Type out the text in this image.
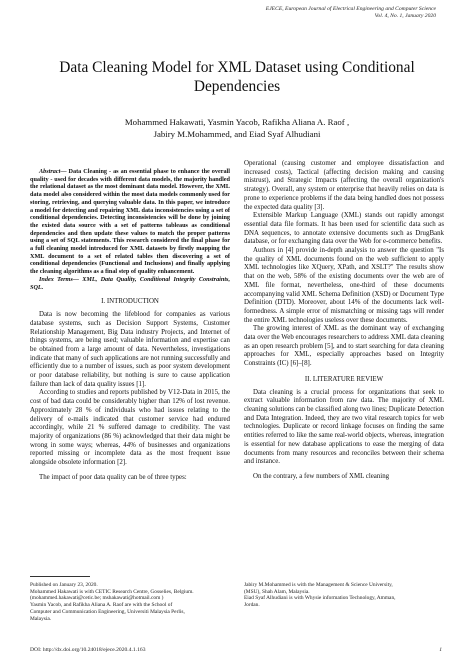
EJECE, European Journal of Electrical Engineering and Computer Science
Vol. 4, No. 1, January 2020
Data Cleaning Model for XML Dataset using Conditional
Dependencies
Mohammed Hakawati, Yasmin Yacob, Rafikha Aliana A. Raof ,
Jabiry M.Mohammed, and Eiad Syaf Alhudiani

Abstract— Data Cleaning - as an essential phase to enhance the overall quality - used for decades with different data models, the majority handled the relational dataset as the most dominant data model. However, the XML data model also considered within the most data models commonly used for storing, retrieving, and querying valuable data. In this paper, we introduce a model for detecting and repairing XML data inconsistencies using a set of conditional dependencies. Detecting inconsistencies will be done by joining the existed data source with a set of patterns tableaus as conditional dependencies and then update these values to match the proper patterns using a set of SQL statements. This research considered the final phase for a full cleaning model introduced for XML datasets by firstly mapping the XML document to a set of related tables then discovering a set of conditional dependencies (Functional and Inclusions) and finally applying the cleaning algorithms as a final step of quality enhancement.

Index Terms— XML, Data Quality, Conditional Integrity Constraints, SQL.

I. INTRODUCTION

Data is now becoming the lifeblood for companies as various database systems, such as Decision Support Systems, Customer Relationship Management, Big Data industry Projects, and Internet of things systems, are being used; valuable information and expertise can be obtained from a large amount of data. Nevertheless, investigations indicate that many of such applications are not running successfully and efficiently due to a number of issues, such as poor system development or poor database reliability, but nothing is sure to cause application failure than lack of data quality issues [1].

According to studies and reports published by V12-Data in 2015, the cost of bad data could be considerably higher than 12% of lost revenue. Approximately 28 % of individuals who had issues relating to the delivery of e-mails indicated that customer service had endured accordingly, while 21 % suffered damage to credibility. The vast majority of organizations (86 %) acknowledged that their data might be wrong in some ways; whereas, 44% of businesses and organizations reported missing or incomplete data as the most frequent issue alongside obsolete information [2].

The impact of poor data quality can be of three types:

Operational (causing customer and employee dissatisfaction and increased costs), Tactical (affecting decision making and causing mistrust), and Strategic Impacts (affecting the overall organization's strategy). Overall, any system or enterprise that heavily relies on data is prone to experience problems if the data being handled does not possess the expected data quality [3].

Extensible Markup Language (XML) stands out rapidly amongst essential data file formats. It has been used for scientific data such as DNA sequences, to annotate extensive documents such as DrugBank database, or for exchanging data over the Web for e-commerce benefits.

Authors in [4] provide in-depth analysis to answer the question "Is the quality of XML documents found on the web sufficient to apply XML technologies like XQuery, XPath, and XSLT?" The results show that on the web, 58% of the existing documents over the web are of XML file format, nevertheless, one-third of these documents accompanying valid XML Schema Definition (XSD) or Document Type Definition (DTD). Moreover, about 14% of the documents lack well-formedness. A simple error of mismatching or missing tags will render the entire XML technologies useless over these documents.

The growing interest of XML as the dominant way of exchanging data over the Web encourages researchers to address XML data cleaning as an open research problem [5], and to start searching for data cleaning approaches for XML, especially approaches based on Integrity Constraints (IC) [6]–[8].

II. LITERATURE REVIEW

Data cleaning is a crucial process for organizations that seek to extract valuable information from raw data. The majority of XML cleaning solutions can be classified along two lines; Duplicate Detection and Data Integration. Indeed, they are two vital research topics for web technologies. Duplicate or record linkage focuses on finding the same entities referred to like the same real-world objects, whereas, integration is essential for new database applications to ease the merging of data documents from many resources and reconciles between their schema and instance.

On the contrary, a few numbers of XML cleaning

Published on January 23, 2020.
Mohammed Hakawati is with CETIC Research Centre, Gosselies, Belgium.
(mohammed.hakawati@cetic.be; mshakawati@hotmail.com )
Yasmin Yacob, and Rafikha Aliana A. Raof are with the School of
Computer and Communication Engineering, Universiti Malaysia Perlis,
Malaysia.
Jabiry M.Mohammed is with the Management & Science University,
(MSU), Shah Alam, Malaysia.
Eiad Syaf Alhudiani is with Whysie information Technology, Amman,
Jordan.
DOI: http://dx.doi.org/10.24018/ejece.2020.4.1.163	1
